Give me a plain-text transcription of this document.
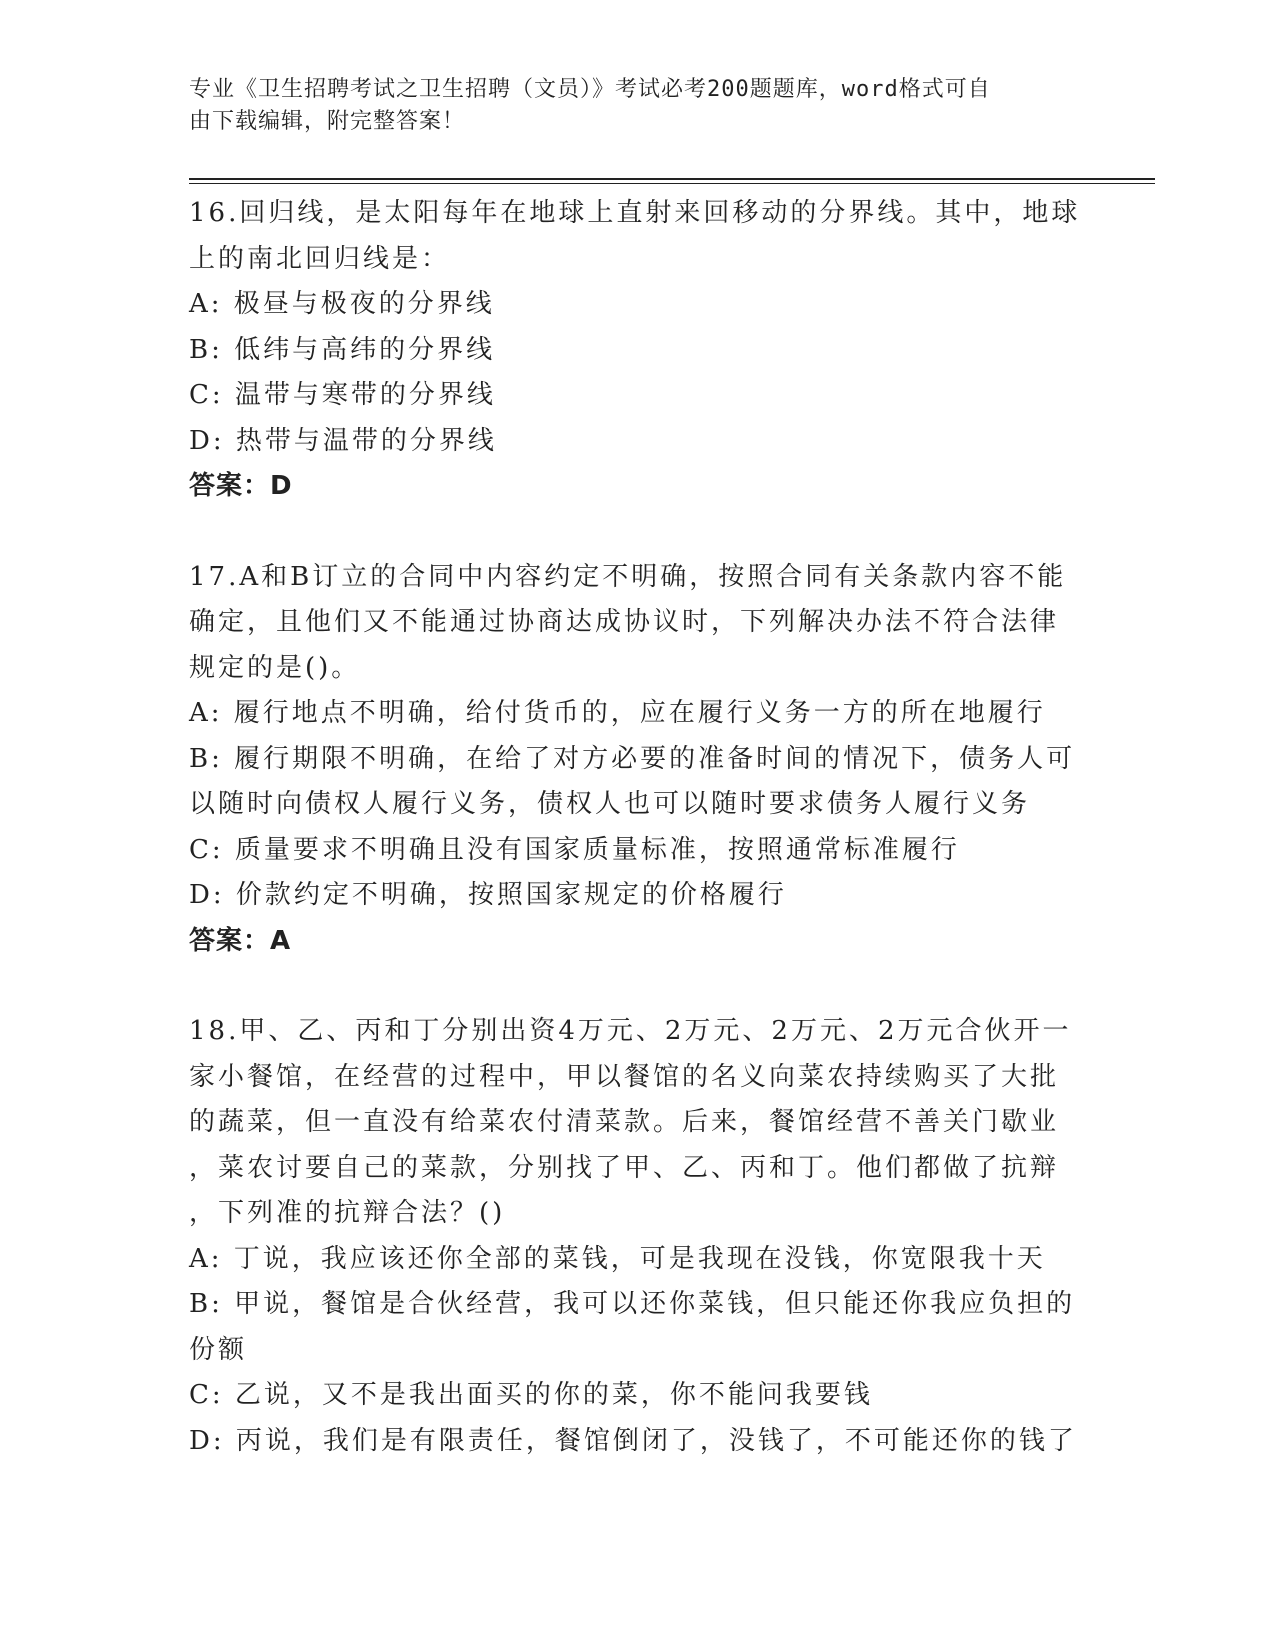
专业《卫生招聘考试之卫生招聘（文员）》考试必考200题题库，word格式可自
由下载编辑，附完整答案！

16.回归线，是太阳每年在地球上直射来回移动的分界线。其中，地球

上的南北回归线是：

A: 极昼与极夜的分界线

B: 低纬与高纬的分界线

C: 温带与寒带的分界线

D: 热带与温带的分界线

答案：D

17.A和B订立的合同中内容约定不明确，按照合同有关条款内容不能

确定，且他们又不能通过协商达成协议时，下列解决办法不符合法律

规定的是()。

A: 履行地点不明确，给付货币的，应在履行义务一方的所在地履行

B: 履行期限不明确，在给了对方必要的准备时间的情况下，债务人可

以随时向债权人履行义务，债权人也可以随时要求债务人履行义务

C: 质量要求不明确且没有国家质量标准，按照通常标准履行

D: 价款约定不明确，按照国家规定的价格履行

答案：A

18.甲、乙、丙和丁分别出资4万元、2万元、2万元、2万元合伙开一

家小餐馆，在经营的过程中，甲以餐馆的名义向菜农持续购买了大批

的蔬菜，但一直没有给菜农付清菜款。后来，餐馆经营不善关门歇业

，菜农讨要自己的菜款，分别找了甲、乙、丙和丁。他们都做了抗辩

，下列准的抗辩合法？()

A: 丁说，我应该还你全部的菜钱，可是我现在没钱，你宽限我十天

B: 甲说，餐馆是合伙经营，我可以还你菜钱，但只能还你我应负担的

份额

C: 乙说，又不是我出面买的你的菜，你不能问我要钱

D: 丙说，我们是有限责任，餐馆倒闭了，没钱了，不可能还你的钱了
